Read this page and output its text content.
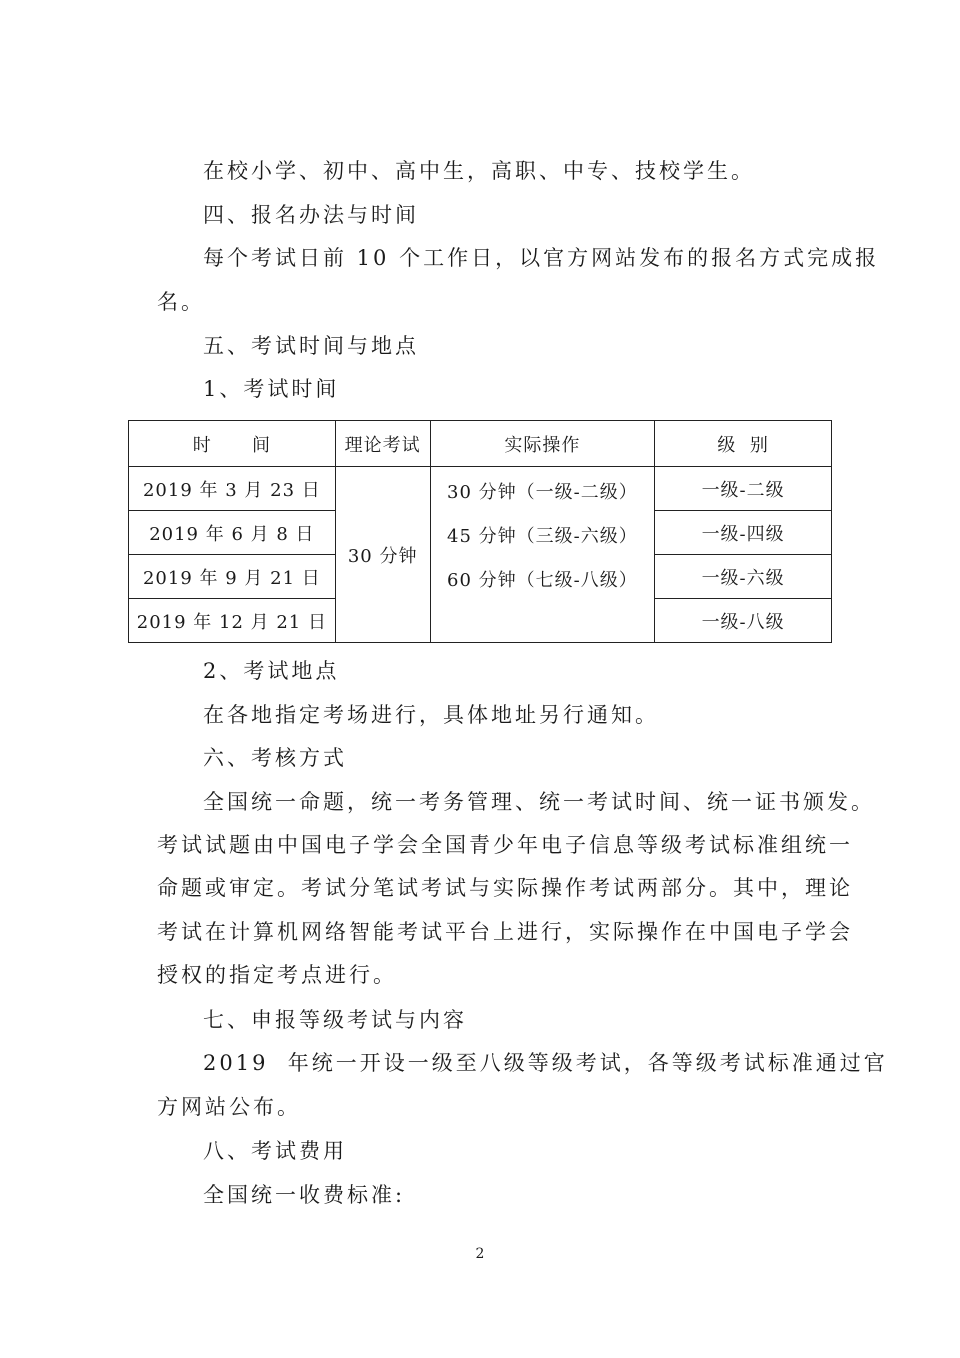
在校小学、初中、高中生，高职、中专、技校学生。
四、报名办法与时间
每个考试日前 10 个工作日，以官方网站发布的报名方式完成报
名。
五、考试时间与地点
1、考试时间
时      间	理论考试	实际操作	级  别
2019 年 3 月 23 日	30 分钟	30 分钟（一级-二级）
45 分钟（三级-六级）
60 分钟（七级-八级）	一级-二级
2019 年 6 月 8 日			一级-四级
2019 年 9 月 21 日			一级-六级
2019 年 12 月 21 日			一级-八级
2、考试地点
在各地指定考场进行，具体地址另行通知。
六、考核方式
全国统一命题，统一考务管理、统一考试时间、统一证书颁发。
考试试题由中国电子学会全国青少年电子信息等级考试标准组统一
命题或审定。考试分笔试考试与实际操作考试两部分。其中，理论
考试在计算机网络智能考试平台上进行，实际操作在中国电子学会
授权的指定考点进行。
七、申报等级考试与内容
2019  年统一开设一级至八级等级考试，各等级考试标准通过官
方网站公布。
八、考试费用
全国统一收费标准:
2
